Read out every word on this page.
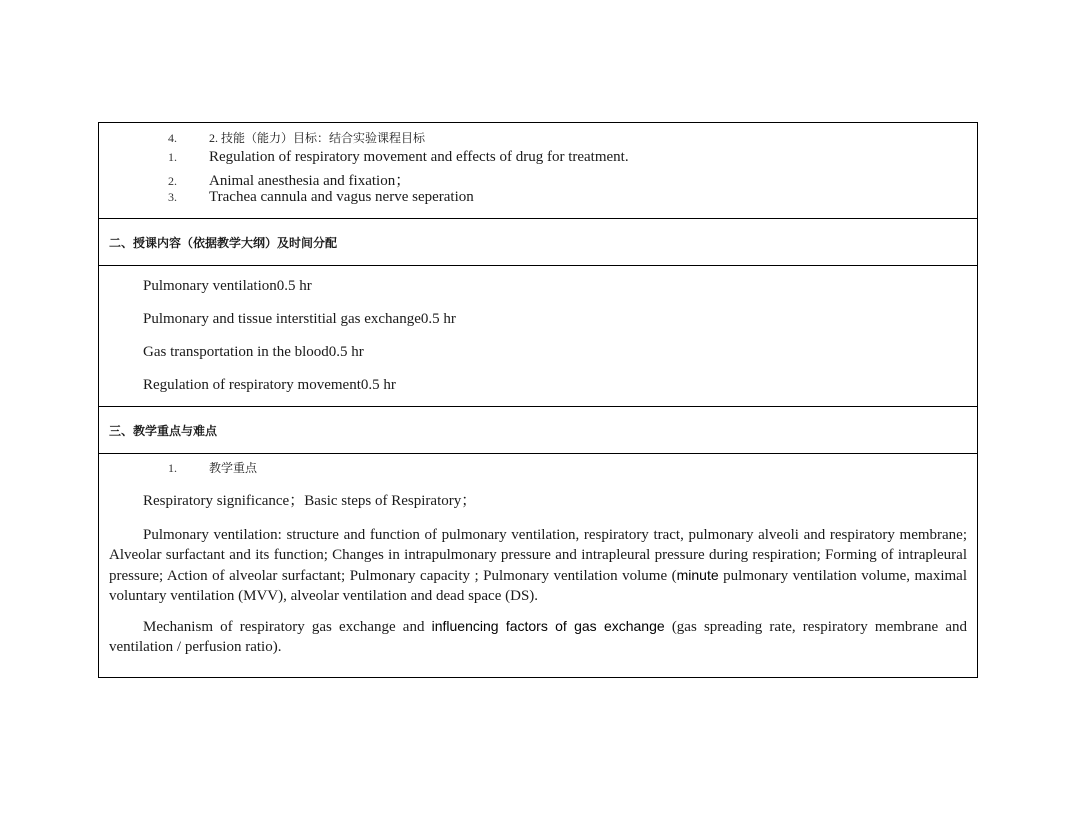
4 .	2. 技能（能力）目标：结合实验课程目标
1 . Regulation of respiratory movement and effects of drug for treatment.
2 . Animal anesthesia and fixation；
3 . Trachea cannula and vagus nerve seperation
二、授课内容（依据教学大纲）及时间分配

Pulmonary ventilation0.5 hr

Pulmonary and tissue interstitial gas exchange0.5 hr

Gas transportation in the blood0.5 hr

Regulation of respiratory movement0.5 hr

三、教学重点与难点
1 .	教学重点

Respiratory significance；Basic steps of Respiratory；

Pulmonary ventilation: structure and function of pulmonary ventilation, respiratory tract, pulmonary alveoli and respiratory membrane; Alveolar surfactant and its function; Changes in intrapulmonary pressure and intrapleural pressure during respiration; Forming of intrapleural pressure; Action of alveolar surfactant; Pulmonary capacity ; Pulmonary ventilation volume (minute pulmonary ventilation volume, maximal voluntary ventilation (MVV), alveolar ventilation and dead space (DS).

Mechanism of respiratory gas exchange and influencing factors of gas exchange (gas spreading rate, respiratory membrane and ventilation / perfusion ratio).
